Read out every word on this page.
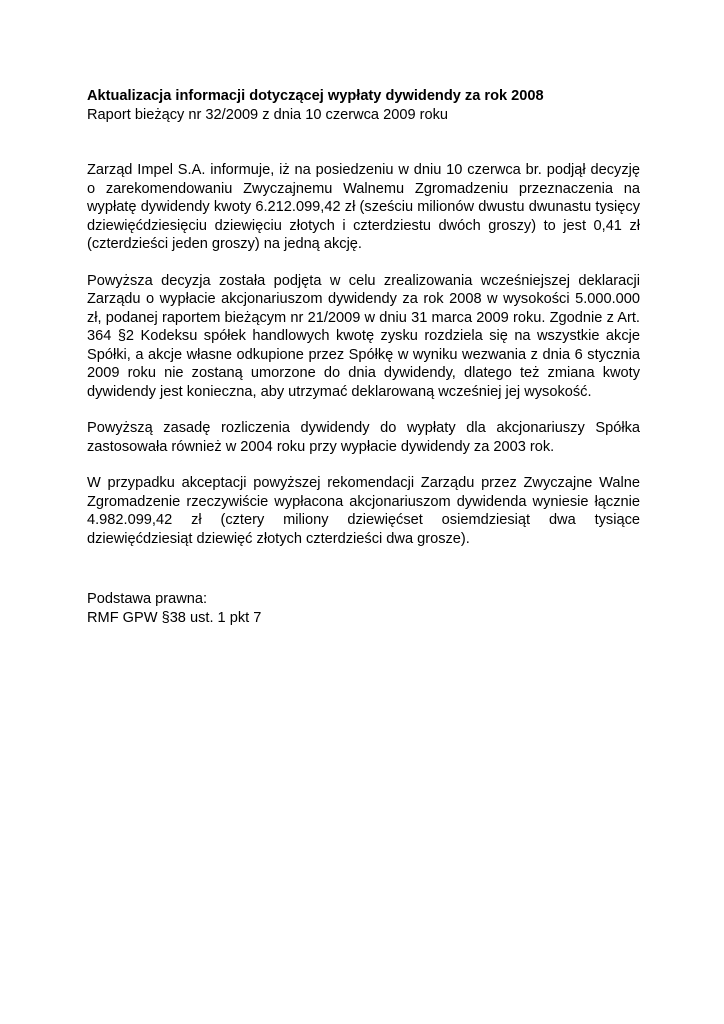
Aktualizacja informacji dotyczącej wypłaty dywidendy za rok 2008

Raport bieżący nr 32/2009 z dnia 10 czerwca 2009 roku

Zarząd Impel S.A. informuje, iż na posiedzeniu w dniu 10 czerwca br. podjął decyzję o zarekomendowaniu Zwyczajnemu Walnemu Zgromadzeniu przeznaczenia na wypłatę dywidendy kwoty 6.212.099,42 zł (sześciu milionów dwustu dwunastu tysięcy dziewięćdziesięciu dziewięciu złotych i czterdziestu dwóch groszy) to jest 0,41 zł (czterdzieści jeden groszy) na jedną akcję.

Powyższa decyzja została podjęta w celu zrealizowania wcześniejszej deklaracji Zarządu o wypłacie akcjonariuszom dywidendy za rok 2008 w wysokości 5.000.000 zł, podanej raportem bieżącym nr 21/2009 w dniu 31 marca 2009 roku. Zgodnie z Art. 364 §2 Kodeksu spółek handlowych kwotę zysku rozdziela się na wszystkie akcje Spółki, a akcje własne odkupione przez Spółkę w wyniku wezwania z dnia 6 stycznia 2009 roku nie zostaną umorzone do dnia dywidendy, dlatego też zmiana kwoty dywidendy jest konieczna, aby utrzymać deklarowaną wcześniej jej wysokość.

Powyższą zasadę rozliczenia dywidendy do wypłaty dla akcjonariuszy Spółka zastosowała również w 2004 roku przy wypłacie dywidendy za 2003 rok.

W przypadku akceptacji powyższej rekomendacji Zarządu przez Zwyczajne Walne Zgromadzenie rzeczywiście wypłacona akcjonariuszom dywidenda wyniesie łącznie 4.982.099,42 zł (cztery miliony dziewięćset osiemdziesiąt dwa tysiące dziewięćdziesiąt dziewięć złotych czterdzieści dwa grosze).

Podstawa prawna:

RMF GPW §38 ust. 1 pkt 7
